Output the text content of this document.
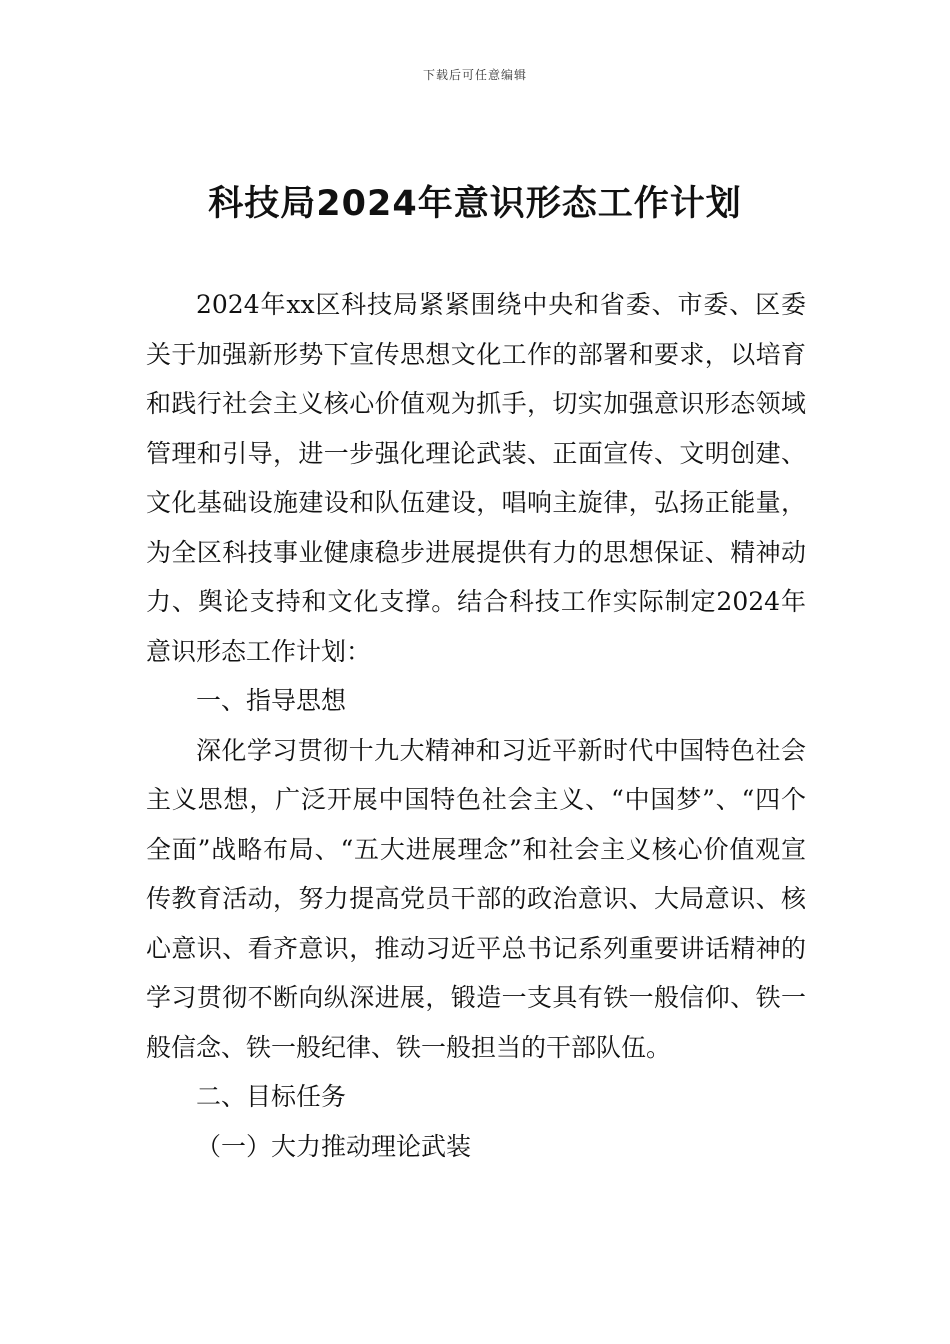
下载后可任意编辑
科技局2024年意识形态工作计划

2024年xx区科技局紧紧围绕中央和省委、市委、区委关于加强新形势下宣传思想文化工作的部署和要求，以培育和践行社会主义核心价值观为抓手，切实加强意识形态领域管理和引导，进一步强化理论武装、正面宣传、文明创建、文化基础设施建设和队伍建设，唱响主旋律，弘扬正能量，为全区科技事业健康稳步进展提供有力的思想保证、精神动力、舆论支持和文化支撑。结合科技工作实际制定2024年意识形态工作计划：

一、指导思想

深化学习贯彻十九大精神和习近平新时代中国特色社会主义思想，广泛开展中国特色社会主义、“中国梦”、“四个全面”战略布局、“五大进展理念”和社会主义核心价值观宣传教育活动，努力提高党员干部的政治意识、大局意识、核心意识、看齐意识，推动习近平总书记系列重要讲话精神的学习贯彻不断向纵深进展，锻造一支具有铁一般信仰、铁一般信念、铁一般纪律、铁一般担当的干部队伍。

二、目标任务

（一）大力推动理论武装
